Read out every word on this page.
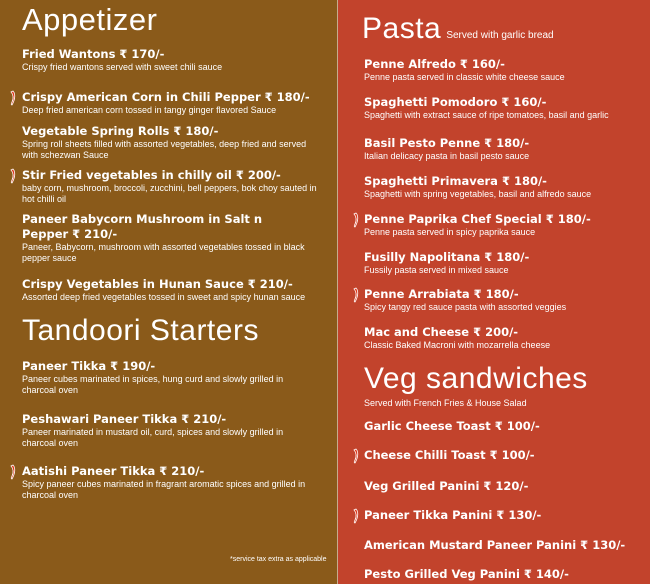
Appetizer
Fried Wantons ₹ 170/-
Crispy fried wantons served with sweet chili sauce
Crispy American Corn in Chili Pepper ₹ 180/-
Deep fried american corn tossed in tangy ginger flavored Sauce
Vegetable Spring Rolls ₹ 180/-
Spring roll sheets filled with assorted vegetables, deep fried and served with schezwan Sauce
Stir Fried vegetables in chilly oil ₹ 200/-
baby corn, mushroom, broccoli, zucchini, bell peppers, bok choy sauted in hot chilli oil
Paneer Babycorn Mushroom in Salt n Pepper ₹ 210/-
Paneer, Babycorn, mushroom with assorted vegetables tossed in black pepper sauce
Crispy Vegetables in Hunan Sauce ₹ 210/-
Assorted deep fried vegetables tossed in sweet and spicy hunan sauce
Tandoori Starters
Paneer Tikka ₹ 190/-
Paneer cubes marinated in spices, hung curd and slowly grilled in charcoal oven
Peshawari Paneer Tikka ₹ 210/-
Paneer marinated in mustard oil, curd, spices and slowly grilled in charcoal oven
Aatishi Paneer Tikka ₹ 210/-
Spicy paneer cubes marinated in fragrant aromatic spices and grilled in charcoal oven
*service tax extra as applicable
Pasta Served with garlic bread
Penne Alfredo ₹ 160/-
Penne pasta served in classic white cheese sauce
Spaghetti Pomodoro ₹ 160/-
Spaghetti with extract sauce of ripe tomatoes, basil and garlic
Basil Pesto Penne ₹ 180/-
Italian delicacy pasta in basil pesto sauce
Spaghetti Primavera ₹ 180/-
Spaghetti with spring vegetables, basil and alfredo sauce
Penne Paprika Chef Special ₹ 180/-
Penne pasta served in spicy paprika sauce
Fusilly Napolitana ₹ 180/-
Fussily pasta served in mixed sauce
Penne Arrabiata ₹ 180/-
Spicy tangy red sauce pasta with assorted veggies
Mac and Cheese ₹ 200/-
Classic Baked Macroni with mozarrella cheese
Veg sandwiches
Served with French Fries & House Salad
Garlic Cheese Toast ₹ 100/-
Cheese Chilli Toast ₹ 100/-
Veg Grilled Panini ₹ 120/-
Paneer Tikka Panini ₹ 130/-
American Mustard Paneer Panini ₹ 130/-
Pesto Grilled Veg Panini ₹ 140/-
